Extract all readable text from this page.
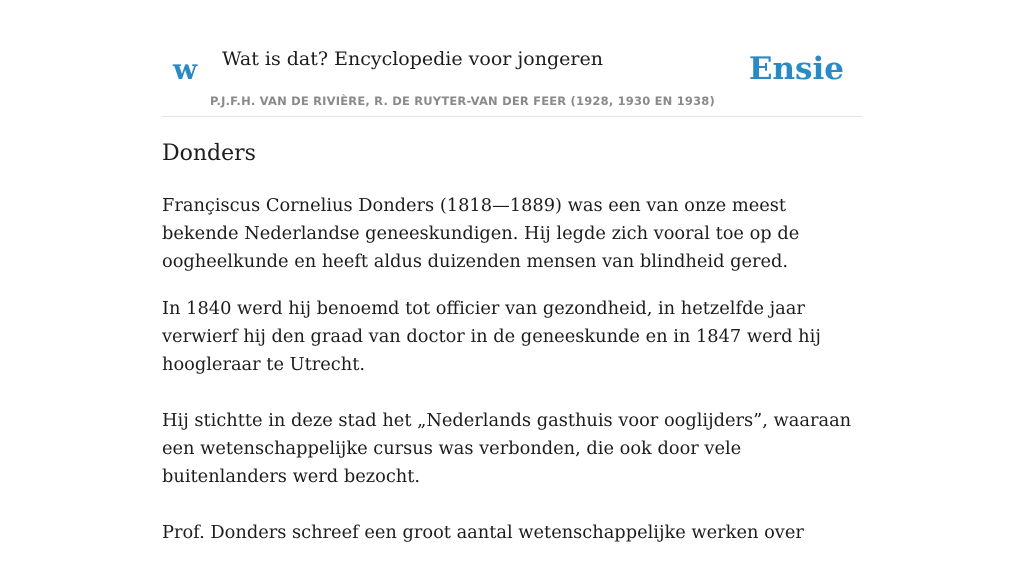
w Wat is dat? Encyclopedie voor jongeren
P.J.F.H. VAN DE RIVIÈRE, R. DE RUYTER-VAN DER FEER (1928, 1930 EN 1938)
Ensie
Donders

Françiscus Cornelius Donders (1818—1889) was een van onze meest bekende Nederlandse geneeskundigen. Hij legde zich vooral toe op de oogheelkunde en heeft aldus duizenden mensen van blindheid gered.

In 1840 werd hij benoemd tot officier van gezondheid, in hetzelfde jaar verwierf hij den graad van doctor in de geneeskunde en in 1847 werd hij hoogleraar te Utrecht.

Hij stichtte in deze stad het „Nederlands gasthuis voor ooglijders”, waaraan een wetenschappelijke cursus was verbonden, die ook door vele buitenlanders werd bezocht.

Prof. Donders schreef een groot aantal wetenschappelijke werken over
